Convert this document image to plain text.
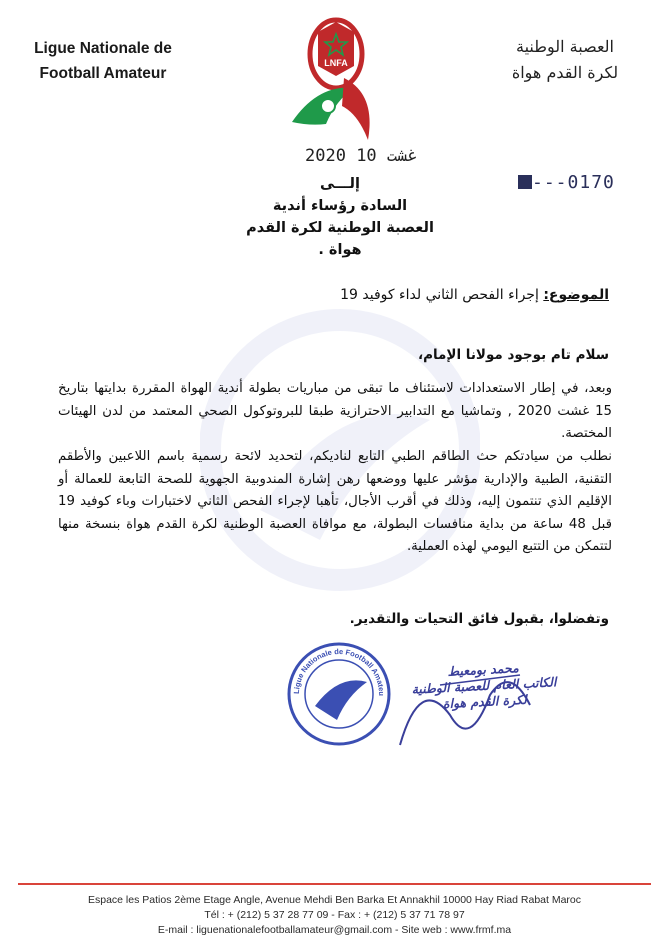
Ligue Nationale de
Football Amateur
LNFA
العصبة الوطنية
لكرة القدم هواة
2020 غشت 10
---0170
إلـــى
السادة رؤساء أندية
العصبة الوطنية لكرة القدم هواة .
الموضوع: إجراء الفحص الثاني لداء كوفيد 19
سلام تام بوجود مولانا الإمام،
وبعد، في إطار الاستعدادات لاستئناف ما تبقى من مباريات بطولة أندية الهواة المقررة بدايتها بتاريخ 15 غشت 2020 , وتماشيا مع التدابير الاحترازية طبقا للبروتوكول الصحي المعتمد من لدن الهيئات المختصة.
نطلب من سيادتكم حث الطاقم الطبي التابع لناديكم، لتحديد لائحة رسمية باسم اللاعبين والأطقم التقنية، الطبية والإدارية مؤشر عليها ووضعها رهن إشارة المندوبية الجهوية للصحة التابعة للعمالة أو الإقليم الذي تنتمون إليه، وذلك في أقرب الأجال، تأهبا لإجراء الفحص الثاني لاختبارات وباء كوفيد 19 قبل 48 ساعة من بداية منافسات البطولة، مع موافاة العصبة الوطنية لكرة القدم هواة بنسخة منها لتتمكن من التتبع اليومي لهذه العملية.
وتفضلوا، بقبول فائق التحيات والتقدير.
Ligue Nationale de Football Amateu
محمد بومعيط
الكاتب العام للعصبة الوطنية
لكرة القدم هواة
Espace les Patios 2ème Etage Angle, Avenue Mehdi Ben Barka Et Annakhil 10000 Hay Riad Rabat Maroc
Tél : + (212) 5 37 28 77 09 - Fax : + (212) 5 37 71 78 97
E-mail : liguenationalefootballamateur@gmail.com - Site web : www.frmf.ma
